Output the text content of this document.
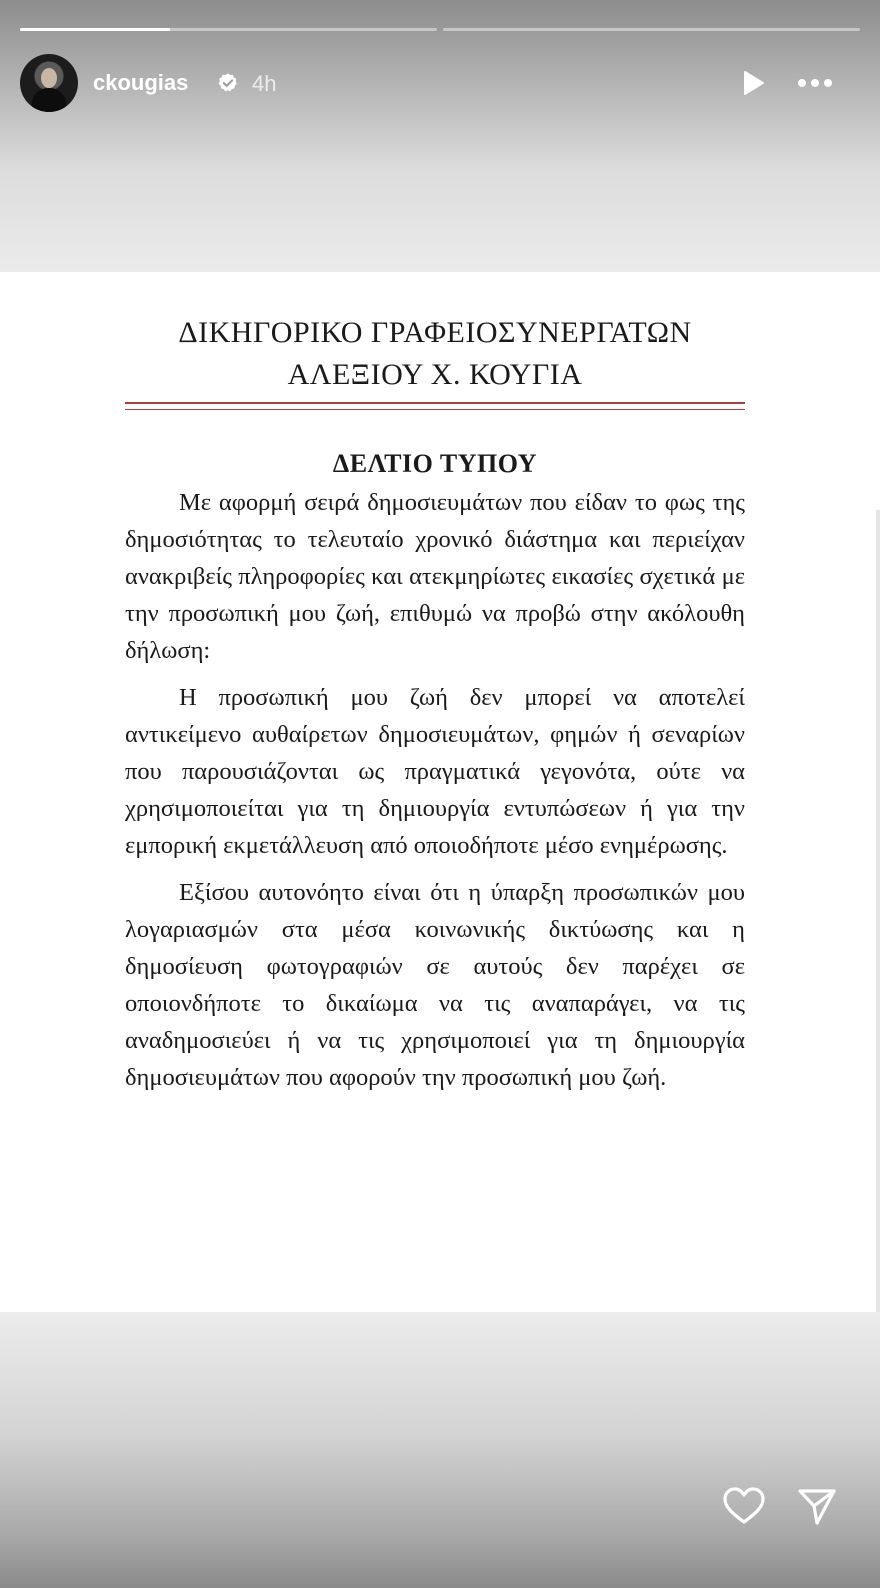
ΔΙΚΗΓΟΡΙΚΟ ΓΡΑΦΕΙΟΣΥΝΕΡΓΑΤΩΝ
ΑΛΕΞΙΟΥ Χ. ΚΟΥΓΙΑ
ΔΕΛΤΙΟ ΤΥΠΟΥ

Με αφορμή σειρά δημοσιευμάτων που είδαν το φως της δημοσιότητας το τελευταίο χρονικό διάστημα και περιείχαν ανακριβείς πληροφορίες και ατεκμηρίωτες εικασίες σχετικά με την προσωπική μου ζωή, επιθυμώ να προβώ στην ακόλουθη δήλωση:

Η προσωπική μου ζωή δεν μπορεί να αποτελεί αντικείμενο αυθαίρετων δημοσιευμάτων, φημών ή σεναρίων που παρουσιάζονται ως πραγματικά γεγονότα, ούτε να χρησιμοποιείται για τη δημιουργία εντυπώσεων ή για την εμπορική εκμετάλλευση από οποιοδήποτε μέσο ενημέρωσης.

Εξίσου αυτονόητο είναι ότι η ύπαρξη προσωπικών μου λογαριασμών στα μέσα κοινωνικής δικτύωσης και η δημοσίευση φωτογραφιών σε αυτούς δεν παρέχει σε οποιονδήποτε το δικαίωμα να τις αναπαράγει, να τις αναδημοσιεύει ή να τις χρησιμοποιεί για τη δημιουργία δημοσιευμάτων που αφορούν την προσωπική μου ζωή.

ckougias	4h
